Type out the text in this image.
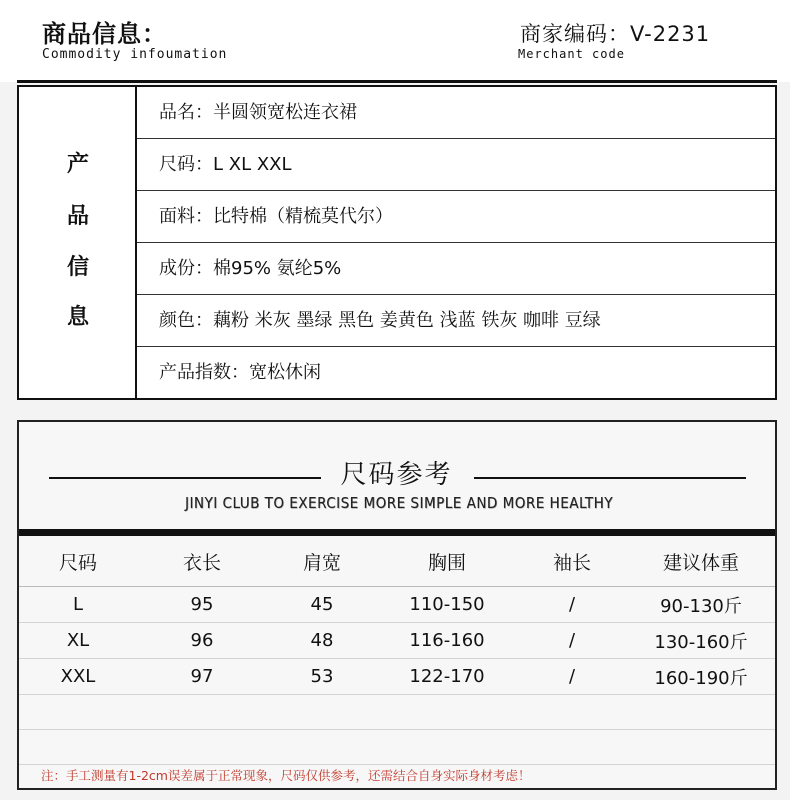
商品信息：
Commodity infoumation
商家编码：V-2231
Merchant code
产
品
信
息
品名：半圆领宽松连衣裙
尺码：L XL XXL
面料：比特棉（精梳莫代尔）
成份：棉95% 氨纶5%
颜色：藕粉 米灰 墨绿 黑色 姜黄色 浅蓝 铁灰 咖啡 豆绿
产品指数：宽松休闲
尺码参考
JINYI CLUB TO EXERCISE MORE SIMPLE AND MORE HEALTHY
尺码	衣长	肩宽	胸围	袖长	建议体重
L	95	45	110-150	/	90-130斤
XL	96	48	116-160	/	130-160斤
XXL	97	53	122-170	/	160-190斤

注：手工测量有1-2cm误差属于正常现象，尺码仅供参考，还需结合自身实际身材考虑！
